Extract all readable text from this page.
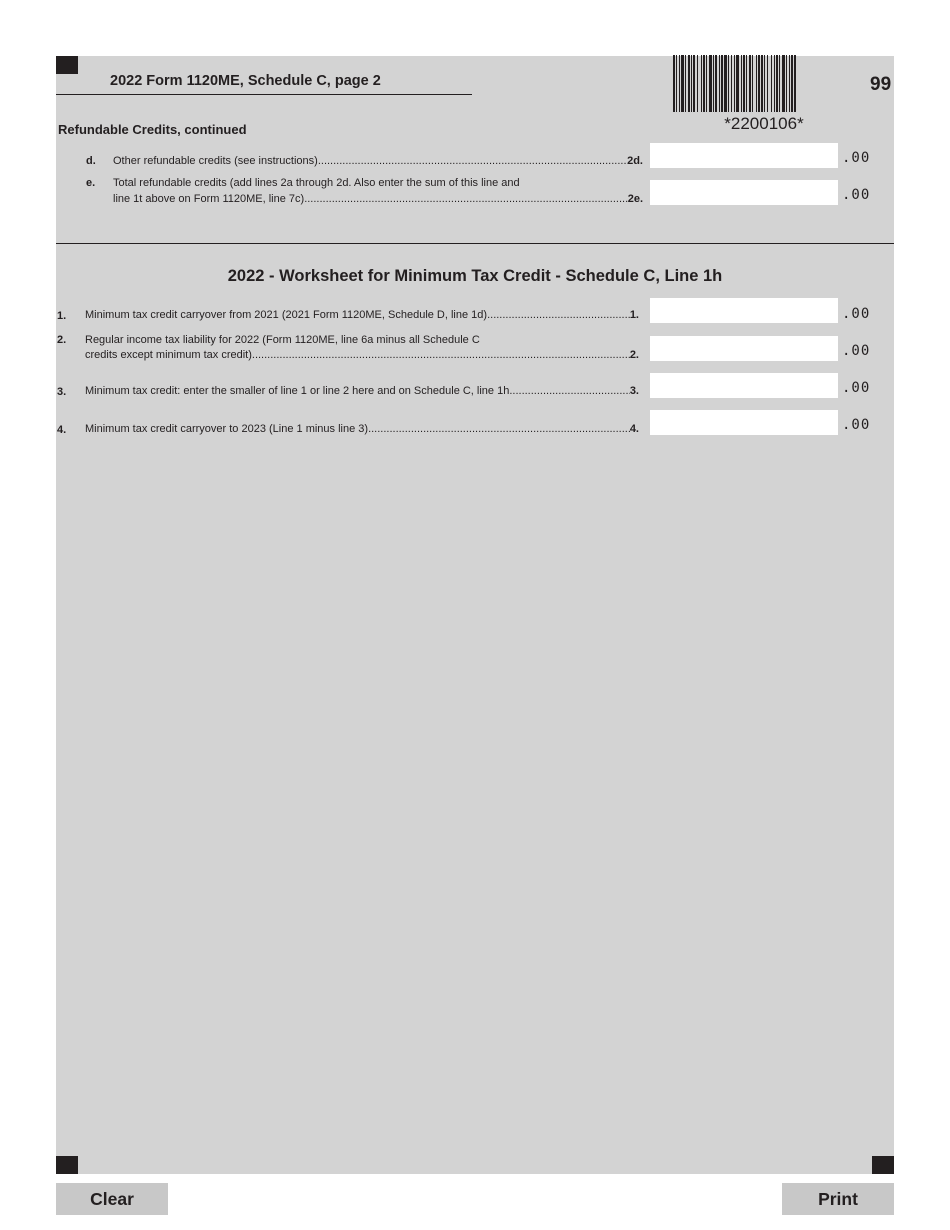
2022 Form 1120ME, Schedule C, page 2
*2200106*
99
Refundable Credits, continued
d. Other refundable credits (see instructions) .....	2d.	.00
e. Total refundable credits (add lines 2a through 2d. Also enter the sum of this line and
line 1t above on Form 1120ME, line 7c) .....	2e.	.00
2022 - Worksheet for Minimum Tax Credit - Schedule C, Line 1h
1. Minimum tax credit carryover from 2021 (2021 Form 1120ME, Schedule D, line 1d) .....	1.	.00
2. Regular income tax liability for 2022 (Form 1120ME, line 6a minus all Schedule C
credits except minimum tax credit) .....	2.	.00
3. Minimum tax credit: enter the smaller of line 1 or line 2 here and on Schedule C, line 1h .....	3.	.00
4. Minimum tax credit carryover to 2023 (Line 1 minus line 3) .....	4.	.00
Clear	Print
